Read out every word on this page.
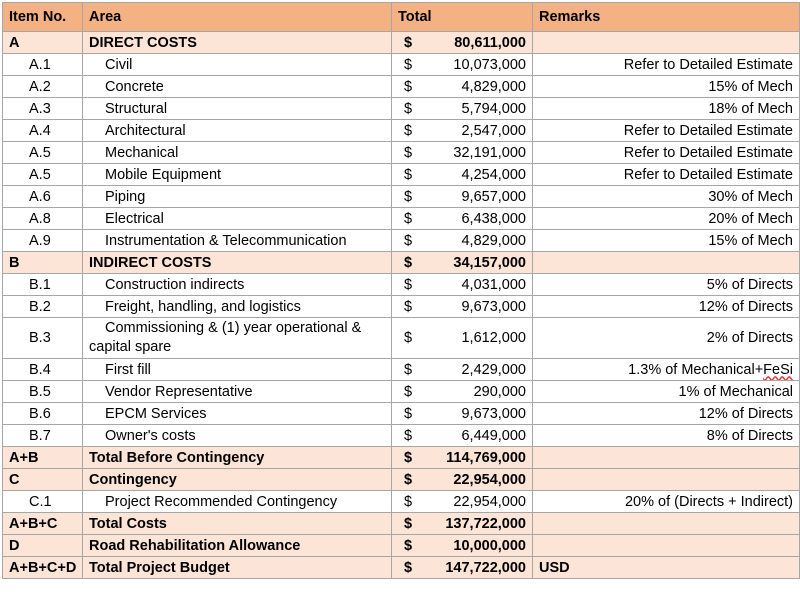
Item No.	Area	Total	Remarks
A	DIRECT COSTS	$ 80,611,000	

A.1	Civil	$ 10,073,000	Refer to Detailed Estimate
A.2	Concrete	$ 4,829,000	15% of Mech
A.3	Structural	$ 5,794,000	18% of Mech
A.4	Architectural	$ 2,547,000	Refer to Detailed Estimate
A.5	Mechanical	$ 32,191,000	Refer to Detailed Estimate
A.5	Mobile Equipment	$ 4,254,000	Refer to Detailed Estimate
A.6	Piping	$ 9,657,000	30% of Mech
A.8	Electrical	$ 6,438,000	20% of Mech
A.9	Instrumentation & Telecommunication	$ 4,829,000	15% of Mech
B	INDIRECT COSTS	$ 34,157,000	

B.1	Construction indirects	$ 4,031,000	5% of Directs
B.2	Freight, handling, and logistics	$ 9,673,000	12% of Directs
B.3	Commissioning & (1) year operational &
capital spare	$ 1,612,000	2% of Directs
B.4	First fill	$ 2,429,000	1.3% of Mechanical+FeSi
B.5	Vendor Representative	$ 290,000	1% of Mechanical
B.6	EPCM Services	$ 9,673,000	12% of Directs
B.7	Owner's costs	$ 6,449,000	8% of Directs
A+B	Total Before Contingency	$ 114,769,000	

C	Contingency	$ 22,954,000	

C.1	Project Recommended Contingency	$ 22,954,000	20% of (Directs + Indirect)
A+B+C	Total Costs	$ 137,722,000	

D	Road Rehabilitation Allowance	$ 10,000,000	

A+B+C+D	Total Project Budget	$ 147,722,000	USD
